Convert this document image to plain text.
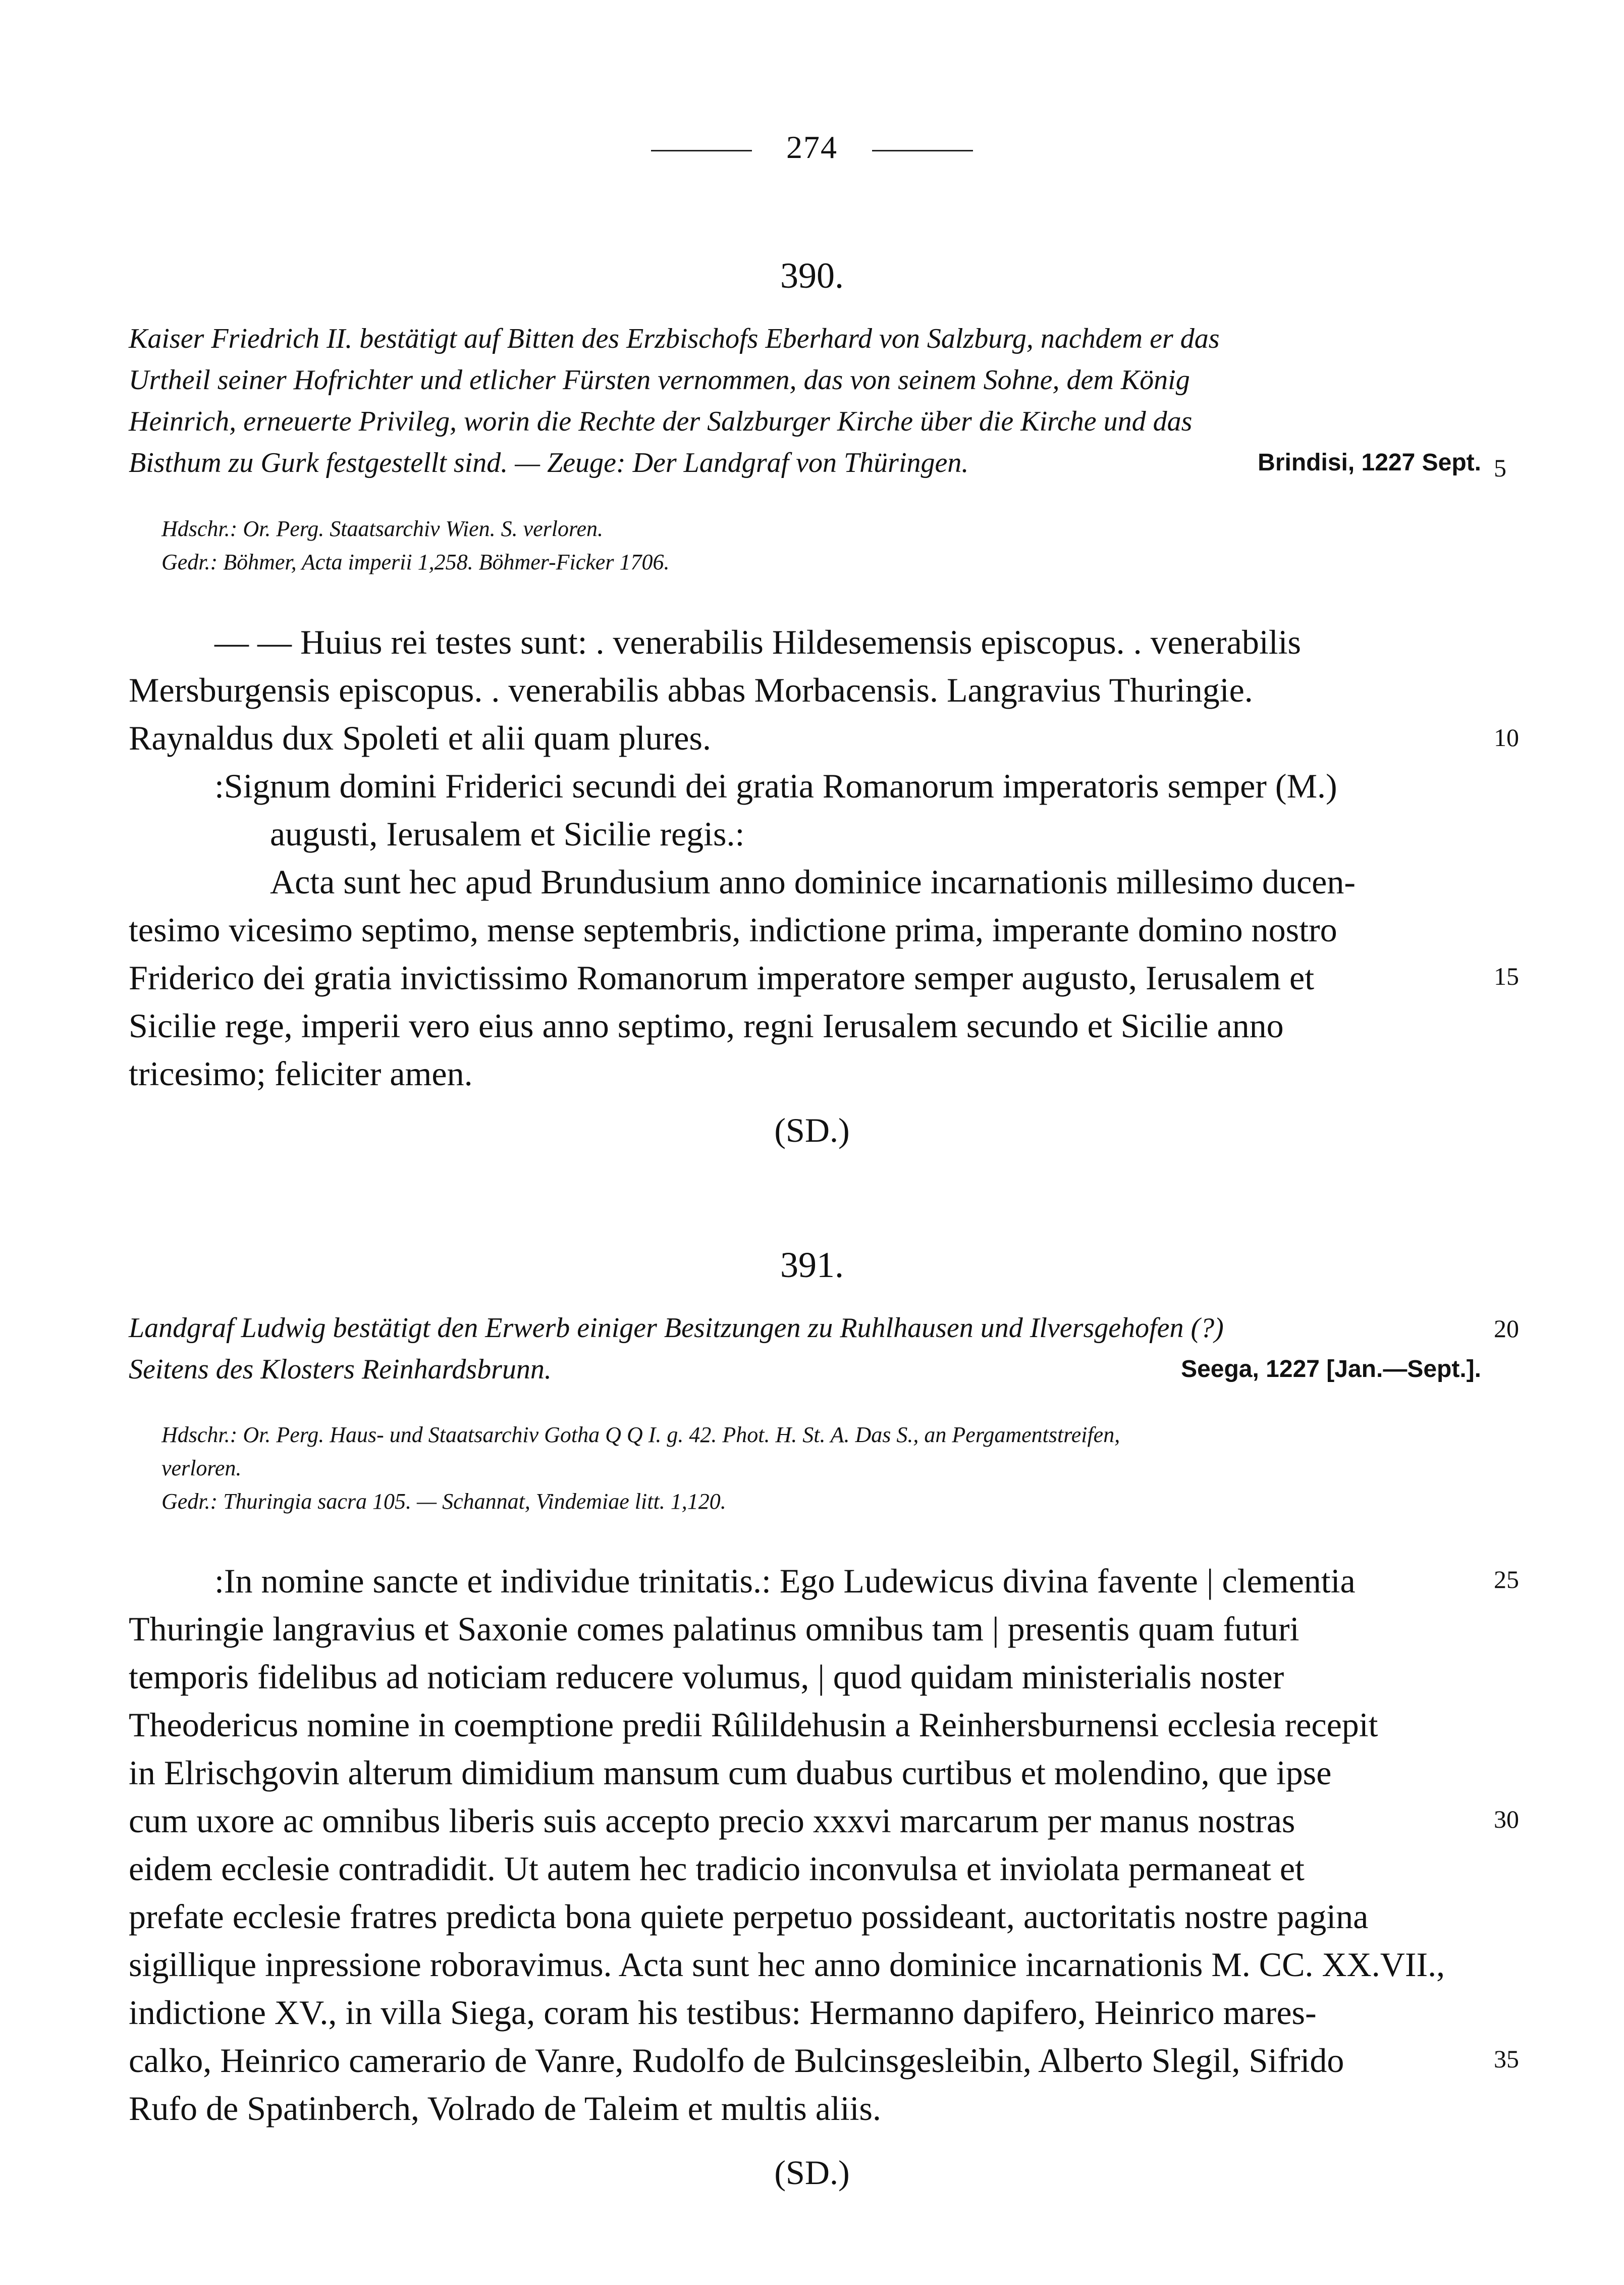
274
390.
Kaiser Friedrich II. bestätigt auf Bitten des Erzbischofs Eberhard von Salzburg, nachdem er das
Urtheil seiner Hofrichter und etlicher Fürsten vernommen, das von seinem Sohne, dem König
Heinrich, erneuerte Privileg, worin die Rechte der Salzburger Kirche über die Kirche und das
Bisthum zu Gurk festgestellt sind. — Zeuge: Der Landgraf von Thüringen.	Brindisi, 1227 Sept.
Hdschr.: Or. Perg. Staatsarchiv Wien. S. verloren.
Gedr.: Böhmer, Acta imperii 1,258. Böhmer-Ficker 1706.
— — Huius rei testes sunt: . venerabilis Hildesemensis episcopus. . venerabilis
Mersburgensis episcopus. . venerabilis abbas Morbacensis. Langravius Thuringie.
Raynaldus dux Spoleti et alii quam plures.
:Signum domini Friderici secundi dei gratia Romanorum imperatoris semper (M.)
augusti, Ierusalem et Sicilie regis.:
Acta sunt hec apud Brundusium anno dominice incarnationis millesimo ducen-
tesimo vicesimo septimo, mense septembris, indictione prima, imperante domino nostro
Friderico dei gratia invictissimo Romanorum imperatore semper augusto, Ierusalem et
Sicilie rege, imperii vero eius anno septimo, regni Ierusalem secundo et Sicilie anno
tricesimo; feliciter amen.
(SD.)
391.
Landgraf Ludwig bestätigt den Erwerb einiger Besitzungen zu Ruhlhausen und Ilversgehofen (?)
Seitens des Klosters Reinhardsbrunn.	Seega, 1227 [Jan.—Sept.].
Hdschr.: Or. Perg. Haus- und Staatsarchiv Gotha Q Q I. g. 42. Phot. H. St. A. Das S., an Pergamentstreifen,
verloren.
Gedr.: Thuringia sacra 105. — Schannat, Vindemiae litt. 1,120.
:In nomine sancte et individue trinitatis.: Ego Ludewicus divina favente | clementia
Thuringie langravius et Saxonie comes palatinus omnibus tam | presentis quam futuri
temporis fidelibus ad noticiam reducere volumus, | quod quidam ministerialis noster
Theodericus nomine in coemptione predii Rûlildehusin a Reinhersburnensi ecclesia recepit
in Elrischgovin alterum dimidium mansum cum duabus curtibus et molendino, que ipse
cum uxore ac omnibus liberis suis accepto precio xxxvi marcarum per manus nostras
eidem ecclesie contradidit. Ut autem hec tradicio inconvulsa et inviolata permaneat et
prefate ecclesie fratres predicta bona quiete perpetuo possideant, auctoritatis nostre pagina
sigillique inpressione roboravimus. Acta sunt hec anno dominice incarnationis M. CC. XX.VII.,
indictione XV., in villa Siega, coram his testibus: Hermanno dapifero, Heinrico mares-
calko, Heinrico camerario de Vanre, Rudolfo de Bulcinsgesleibin, Alberto Slegil, Sifrido
Rufo de Spatinberch, Volrado de Taleim et multis aliis.
(SD.)
5
10
15
20
25
30
35
